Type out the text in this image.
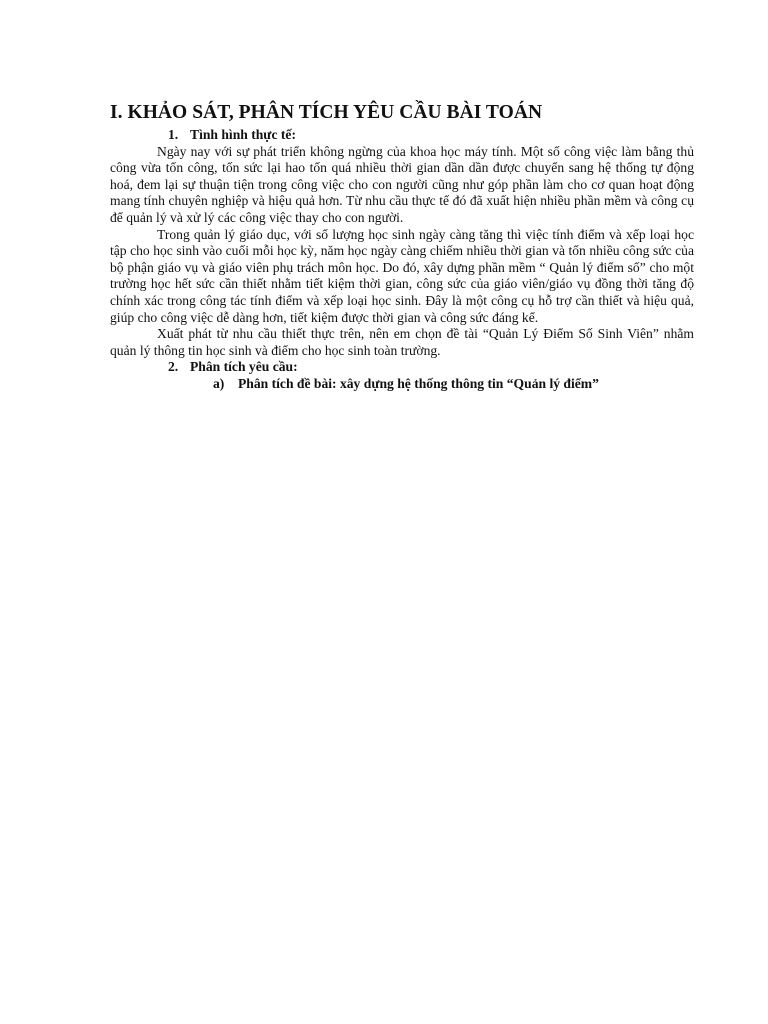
I. KHẢO SÁT, PHÂN TÍCH YÊU CẦU BÀI TOÁN
1. Tình hình thực tế:

Ngày nay với sự phát triển không ngừng của khoa học máy tính. Một số công việc làm bằng thủ công vừa tốn công, tốn sức lại hao tốn quá nhiều thời gian dần dần được chuyển sang hệ thống tự động hoá, đem lại sự thuận tiện trong công việc cho con người cũng như góp phần làm cho cơ quan hoạt động mang tính chuyên nghiệp và hiệu quả hơn. Từ nhu cầu thực tế đó đã xuất hiện nhiều phần mềm và công cụ để quản lý và xử lý các công việc thay cho con người.

Trong quản lý giáo dục, với số lượng học sinh ngày càng tăng thì việc tính điểm và xếp loại học tập cho học sinh vào cuối mỗi học kỳ, năm học ngày càng chiếm nhiều thời gian và tốn nhiều công sức của bộ phận giáo vụ và giáo viên phụ trách môn học. Do đó, xây dựng phần mềm “ Quản lý điểm số” cho một trường học hết sức cần thiết nhằm tiết kiệm thời gian, công sức của giáo viên/giáo vụ đồng thời tăng độ chính xác trong công tác tính điểm và xếp loại học sinh. Đây là một công cụ hỗ trợ cần thiết và hiệu quả, giúp cho công việc dễ dàng hơn, tiết kiệm được thời gian và công sức đáng kể.

Xuất phát từ nhu cầu thiết thực trên, nên em chọn đề tài “Quản Lý Điểm Số Sinh Viên” nhằm quản lý thông tin học sinh và điểm cho học sinh toàn trường.

2. Phân tích yêu cầu:
a) Phân tích đề bài: xây dựng hệ thống thông tin “Quản lý điểm”
